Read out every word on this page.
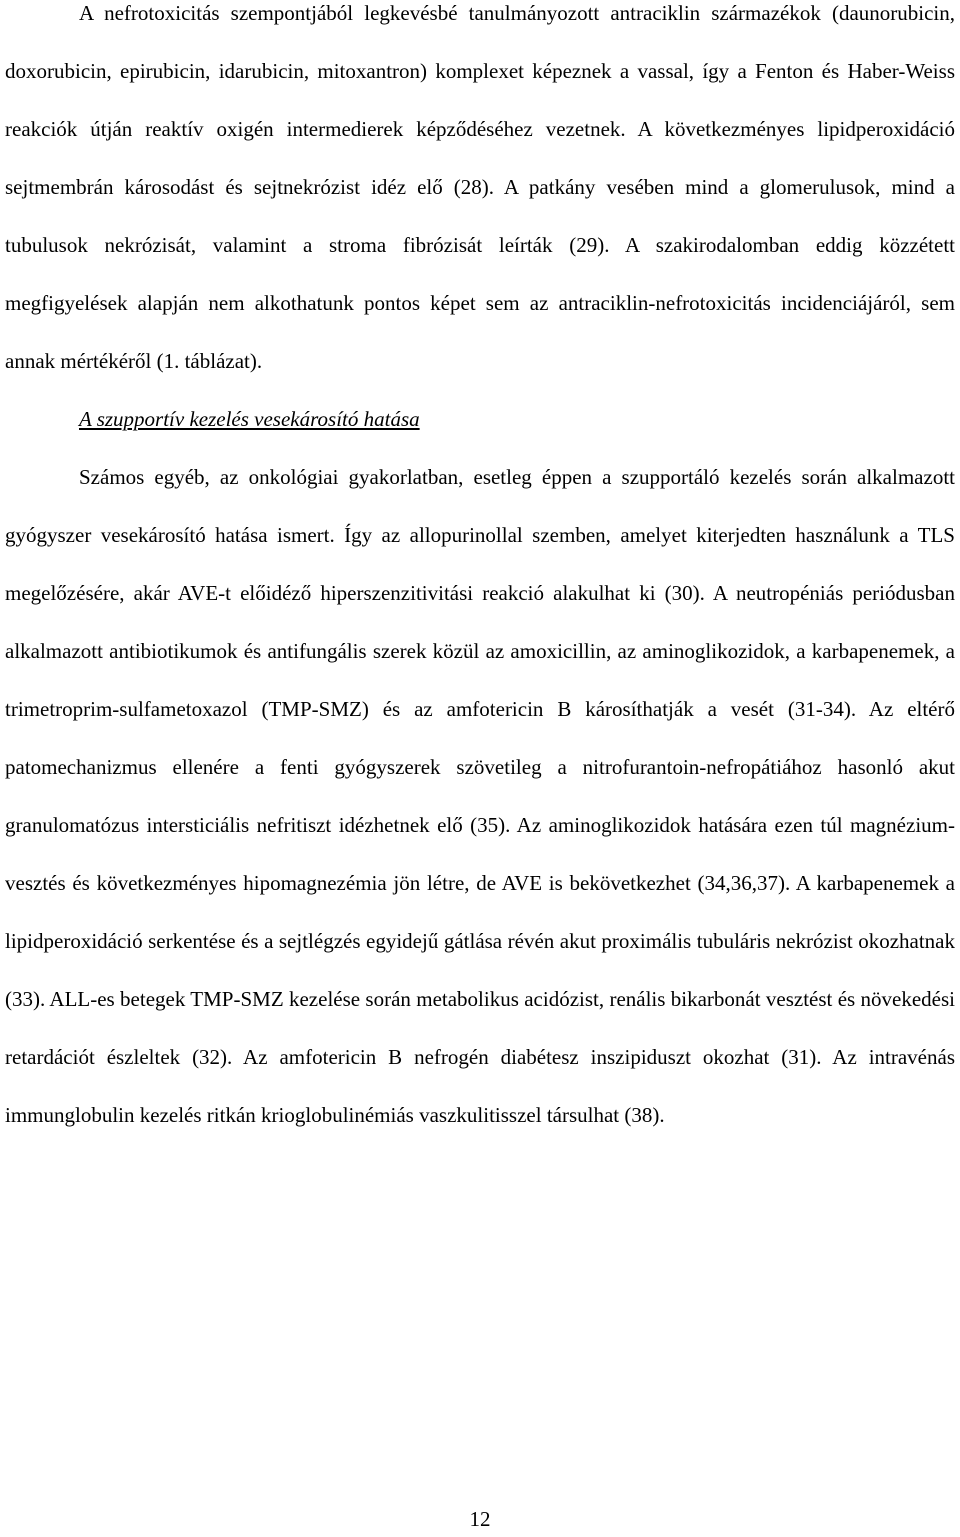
A nefrotoxicitás szempontjából legkevésbé tanulmányozott antraciklin származékok (daunorubicin, doxorubicin, epirubicin, idarubicin, mitoxantron) komplexet képeznek a vassal, így a Fenton és Haber-Weiss reakciók útján reaktív oxigén intermedierek képződéséhez vezetnek. A következményes lipidperoxidáció sejtmembrán károsodást és sejtnekrózist idéz elő (28). A patkány vesében mind a glomerulusok, mind a tubulusok nekrózisát, valamint a stroma fibrózisát leírták (29). A szakirodalomban eddig közzétett megfigyelések alapján nem alkothatunk pontos képet sem az antraciklin-nefrotoxicitás incidenciájáról, sem annak mértékéről (1. táblázat).

A szupportív kezelés vesekárosító hatása

Számos egyéb, az onkológiai gyakorlatban, esetleg éppen a szupportáló kezelés során alkalmazott gyógyszer vesekárosító hatása ismert. Így az allopurinollal szemben, amelyet kiterjedten használunk a TLS megelőzésére, akár AVE-t előidéző hiperszenzitivitási reakció alakulhat ki (30). A neutropéniás periódusban alkalmazott antibiotikumok és antifungális szerek közül az amoxicillin, az aminoglikozidok, a karbapenemek, a trimetroprim-sulfametoxazol (TMP-SMZ) és az amfotericin B károsíthatják a vesét (31-34). Az eltérő patomechanizmus ellenére a fenti gyógyszerek szövetileg a nitrofurantoin-nefropátiához hasonló akut granulomatózus intersticiális nefritiszt idézhetnek elő (35). Az aminoglikozidok hatására ezen túl magnézium-vesztés és következményes hipomagnezémia jön létre, de AVE is bekövetkezhet (34,36,37). A karbapenemek a lipidperoxidáció serkentése és a sejtlégzés egyidejű gátlása révén akut proximális tubuláris nekrózist okozhatnak (33). ALL-es betegek TMP-SMZ kezelése során metabolikus acidózist, renális bikarbonát vesztést és növekedési retardációt észleltek (32). Az amfotericin B nefrogén diabétesz inszipiduszt okozhat (31). Az intravénás immunglobulin kezelés ritkán krioglobulinémiás vaszkulitisszel társulhat (38).

12
